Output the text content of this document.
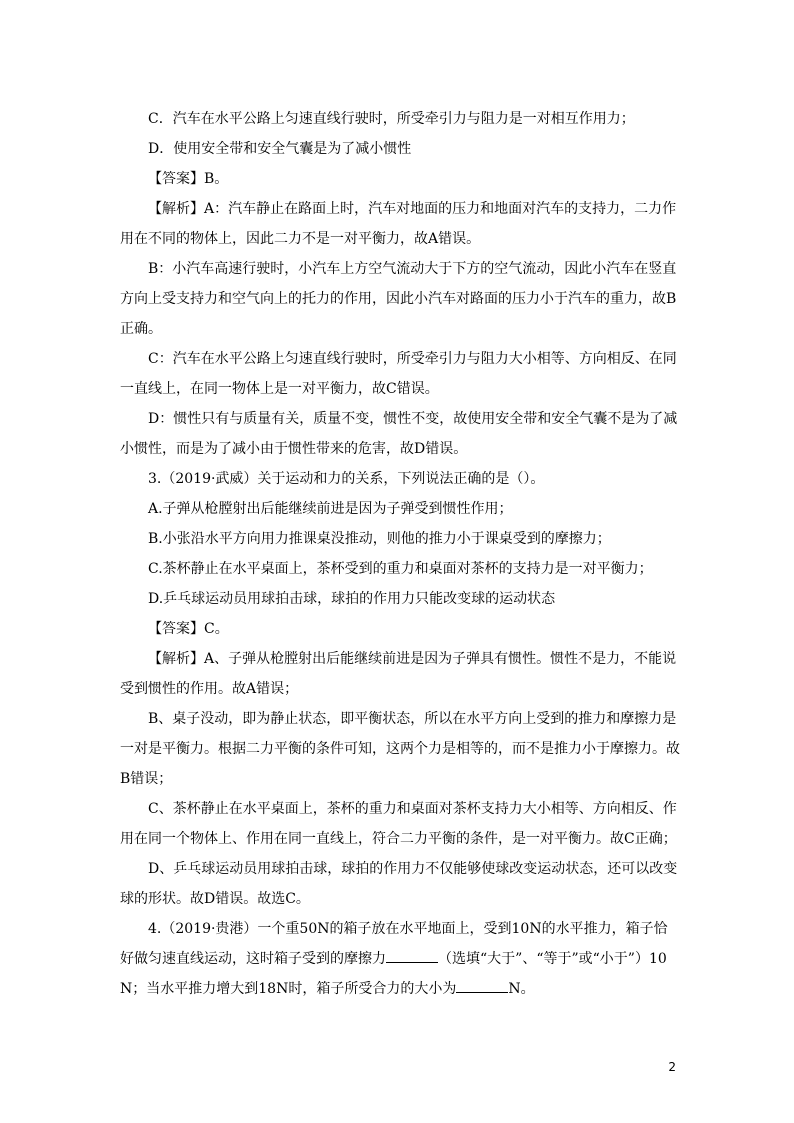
C．汽车在水平公路上匀速直线行驶时，所受牵引力与阻力是一对相互作用力；

D．使用安全带和安全气囊是为了减小惯性

【答案】B。

【解析】A：汽车静止在路面上时，汽车对地面的压力和地面对汽车的支持力，二力作用在不同的物体上，因此二力不是一对平衡力，故A错误。

B：小汽车高速行驶时，小汽车上方空气流动大于下方的空气流动，因此小汽车在竖直方向上受支持力和空气向上的托力的作用，因此小汽车对路面的压力小于汽车的重力，故B正确。

C：汽车在水平公路上匀速直线行驶时，所受牵引力与阻力大小相等、方向相反、在同一直线上，在同一物体上是一对平衡力，故C错误。

D：惯性只有与质量有关，质量不变，惯性不变，故使用安全带和安全气囊不是为了减小惯性，而是为了减小由于惯性带来的危害，故D错误。

3.（2019·武威）关于运动和力的关系，下列说法正确的是（）。

A.子弹从枪膛射出后能继续前进是因为子弹受到惯性作用；

B.小张沿水平方向用力推课桌没推动，则他的推力小于课桌受到的摩擦力；

C.茶杯静止在水平桌面上，茶杯受到的重力和桌面对茶杯的支持力是一对平衡力；

D.乒乓球运动员用球拍击球，球拍的作用力只能改变球的运动状态

【答案】C。

【解析】A、子弹从枪膛射出后能继续前进是因为子弹具有惯性。惯性不是力，不能说受到惯性的作用。故A错误；

B、桌子没动，即为静止状态，即平衡状态，所以在水平方向上受到的推力和摩擦力是一对是平衡力。根据二力平衡的条件可知，这两个力是相等的，而不是推力小于摩擦力。故B错误；

C、茶杯静止在水平桌面上，茶杯的重力和桌面对茶杯支持力大小相等、方向相反、作用在同一个物体上、作用在同一直线上，符合二力平衡的条件，是一对平衡力。故C正确；

D、乒乓球运动员用球拍击球，球拍的作用力不仅能够使球改变运动状态，还可以改变球的形状。故D错误。故选C。

4.（2019·贵港）一个重50N的箱子放在水平地面上，受到10N的水平推力，箱子恰好做匀速直线运动，这时箱子受到的摩擦力	（选填“大于”、“等于”或“小于”）10N；当水平推力增大到18N时，箱子所受合力的大小为	N。

2
